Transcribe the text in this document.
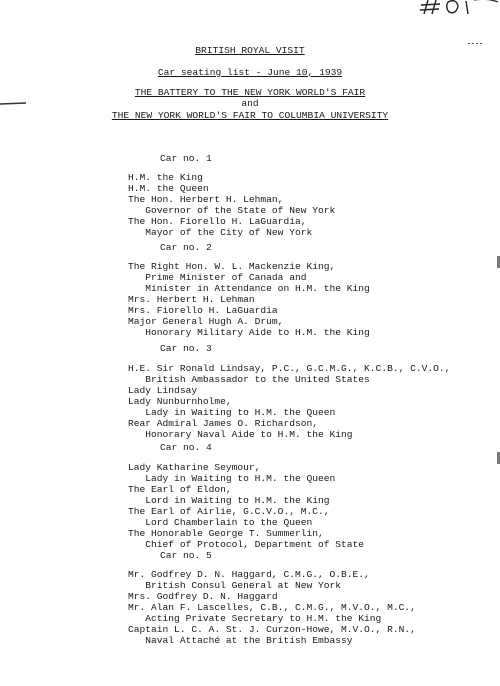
BRITISH ROYAL VISIT
Car seating list - June 10, 1939
THE BATTERY TO THE NEW YORK WORLD'S FAIR
and
THE NEW YORK WORLD'S FAIR TO COLUMBIA UNIVERSITY
Car no. 1
H.M. the King
H.M. the Queen
The Hon. Herbert H. Lehman,
Governor of the State of New York
The Hon. Fiorello H. LaGuardia,
Mayor of the City of New York
Car no. 2
The Right Hon. W. L. Mackenzie King,
Prime Minister of Canada and
Minister in Attendance on H.M. the King
Mrs. Herbert H. Lehman
Mrs. Fiorello H. LaGuardia
Major General Hugh A. Drum,
Honorary Military Aide to H.M. the King
Car no. 3
H.E. Sir Ronald Lindsay, P.C., G.C.M.G., K.C.B., C.V.O.,
British Ambassador to the United States
Lady Lindsay
Lady Nunburnholme,
Lady in Waiting to H.M. the Queen
Rear Admiral James O. Richardson,
Honorary Naval Aide to H.M. the King
Car no. 4
Lady Katharine Seymour,
Lady in Waiting to H.M. the Queen
The Earl of Eldon,
Lord in Waiting to H.M. the King
The Earl of Airlie, G.C.V.O., M.C.,
Lord Chamberlain to the Queen
The Honorable George T. Summerlin,
Chief of Protocol, Department of State
Car no. 5
Mr. Godfrey D. N. Haggard, C.M.G., O.B.E.,
British Consul General at New York
Mrs. Godfrey D. N. Haggard
Mr. Alan F. Lascelles, C.B., C.M.G., M.V.O., M.C.,
Acting Private Secretary to H.M. the King
Captain L. C. A. St. J. Curzon-Howe, M.V.O., R.N.,
Naval Attaché at the British Embassy
